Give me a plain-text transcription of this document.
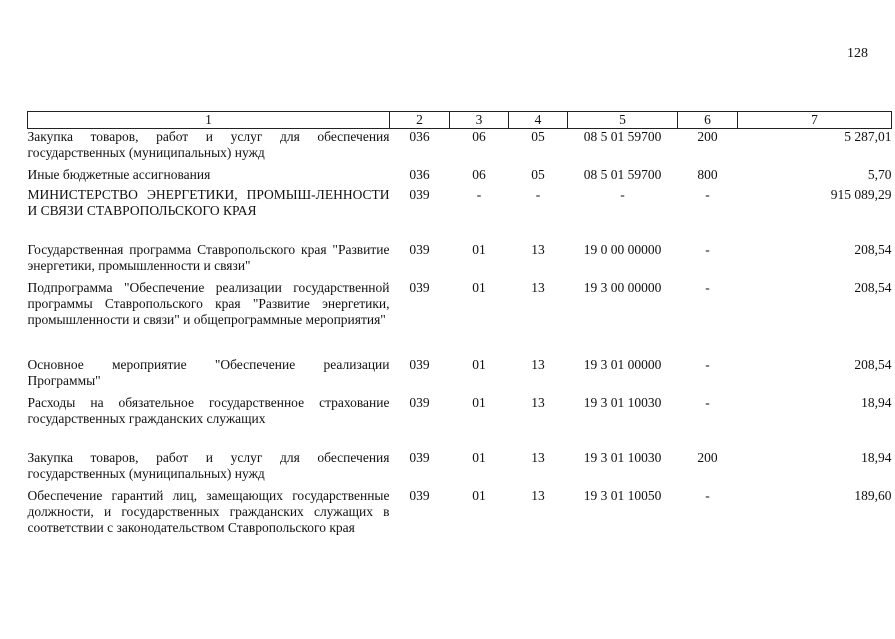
128
1	2	3	4	5	6	7
Закупка товаров, работ и услуг для обеспечения государственных (муниципальных) нужд	036	06	05	08 5 01 59700	200	5 287,01
Иные бюджетные ассигнования	036	06	05	08 5 01 59700	800	5,70
МИНИСТЕРСТВО ЭНЕРГЕТИКИ, ПРОМЫШ-ЛЕННОСТИ И СВЯЗИ СТАВРОПОЛЬСКОГО КРАЯ	039	-	-	-	-	915 089,29
Государственная программа Ставропольского края "Развитие энергетики, промышленности и связи"	039	01	13	19 0 00 00000	-	208,54
Подпрограмма "Обеспечение реализации государственной программы Ставропольского края "Развитие энергетики, промышленности и связи" и общепрограммные мероприятия"	039	01	13	19 3 00 00000	-	208,54
Основное мероприятие "Обеспечение реализации Программы"	039	01	13	19 3 01 00000	-	208,54
Расходы на обязательное государственное страхование государственных гражданских служащих	039	01	13	19 3 01 10030	-	18,94
Закупка товаров, работ и услуг для обеспечения государственных (муниципальных) нужд	039	01	13	19 3 01 10030	200	18,94
Обеспечение гарантий лиц, замещающих государственные должности, и государственных гражданских служащих в соответствии с законодательством Ставропольского края	039	01	13	19 3 01 10050	-	189,60
